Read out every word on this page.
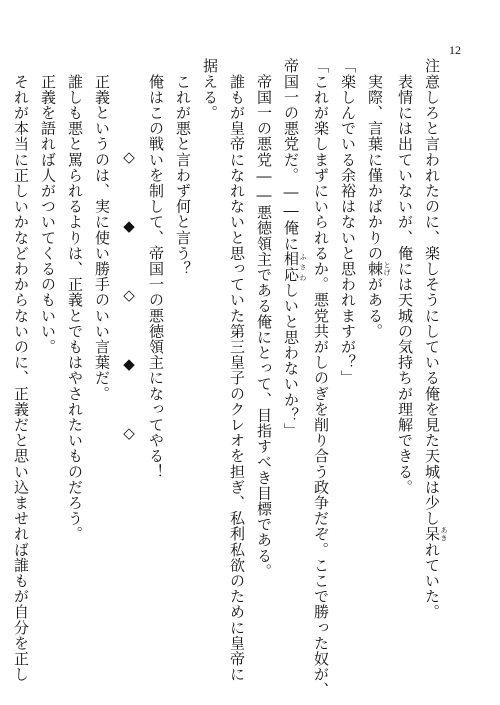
12
注意しろと言われたのに、楽しそうにしている俺を見た天城は少し呆 あきれていた。
　表情には出ていないが、俺には天城の気持ちが理解できる。
　実際、言葉に僅かばかりの棘 とげがある。
「楽しんでいる余裕はないと思われますが？」
「これが楽しまずにいられるか。悪党共がしのぎを削り合う政争だぞ。ここで勝った奴が、
帝国一の悪党だ。――俺に相応 ふさわしいと思わないか？」
　帝国一の悪党――悪徳領主である俺にとって、目指すべき目標である。
　誰もが皇帝になれないと思っていた第三皇子のクレオを担ぎ、私利私欲のために皇帝に
据える。
　これが悪と言わず何と言う？
　俺はこの戦いを制して、帝国一の悪徳領主になってやる！
◇　◆　◇　◆　◇
　正義というのは、実に使い勝手のいい言葉だ。
　誰しも悪と罵られるよりは、正義とでもはやされたいものだろう。
　正義を語れば人がついてくるのもいい。
　それが本当に正しいかなどわからないのに、正義だと思い込ませれば誰もが自分を正し
